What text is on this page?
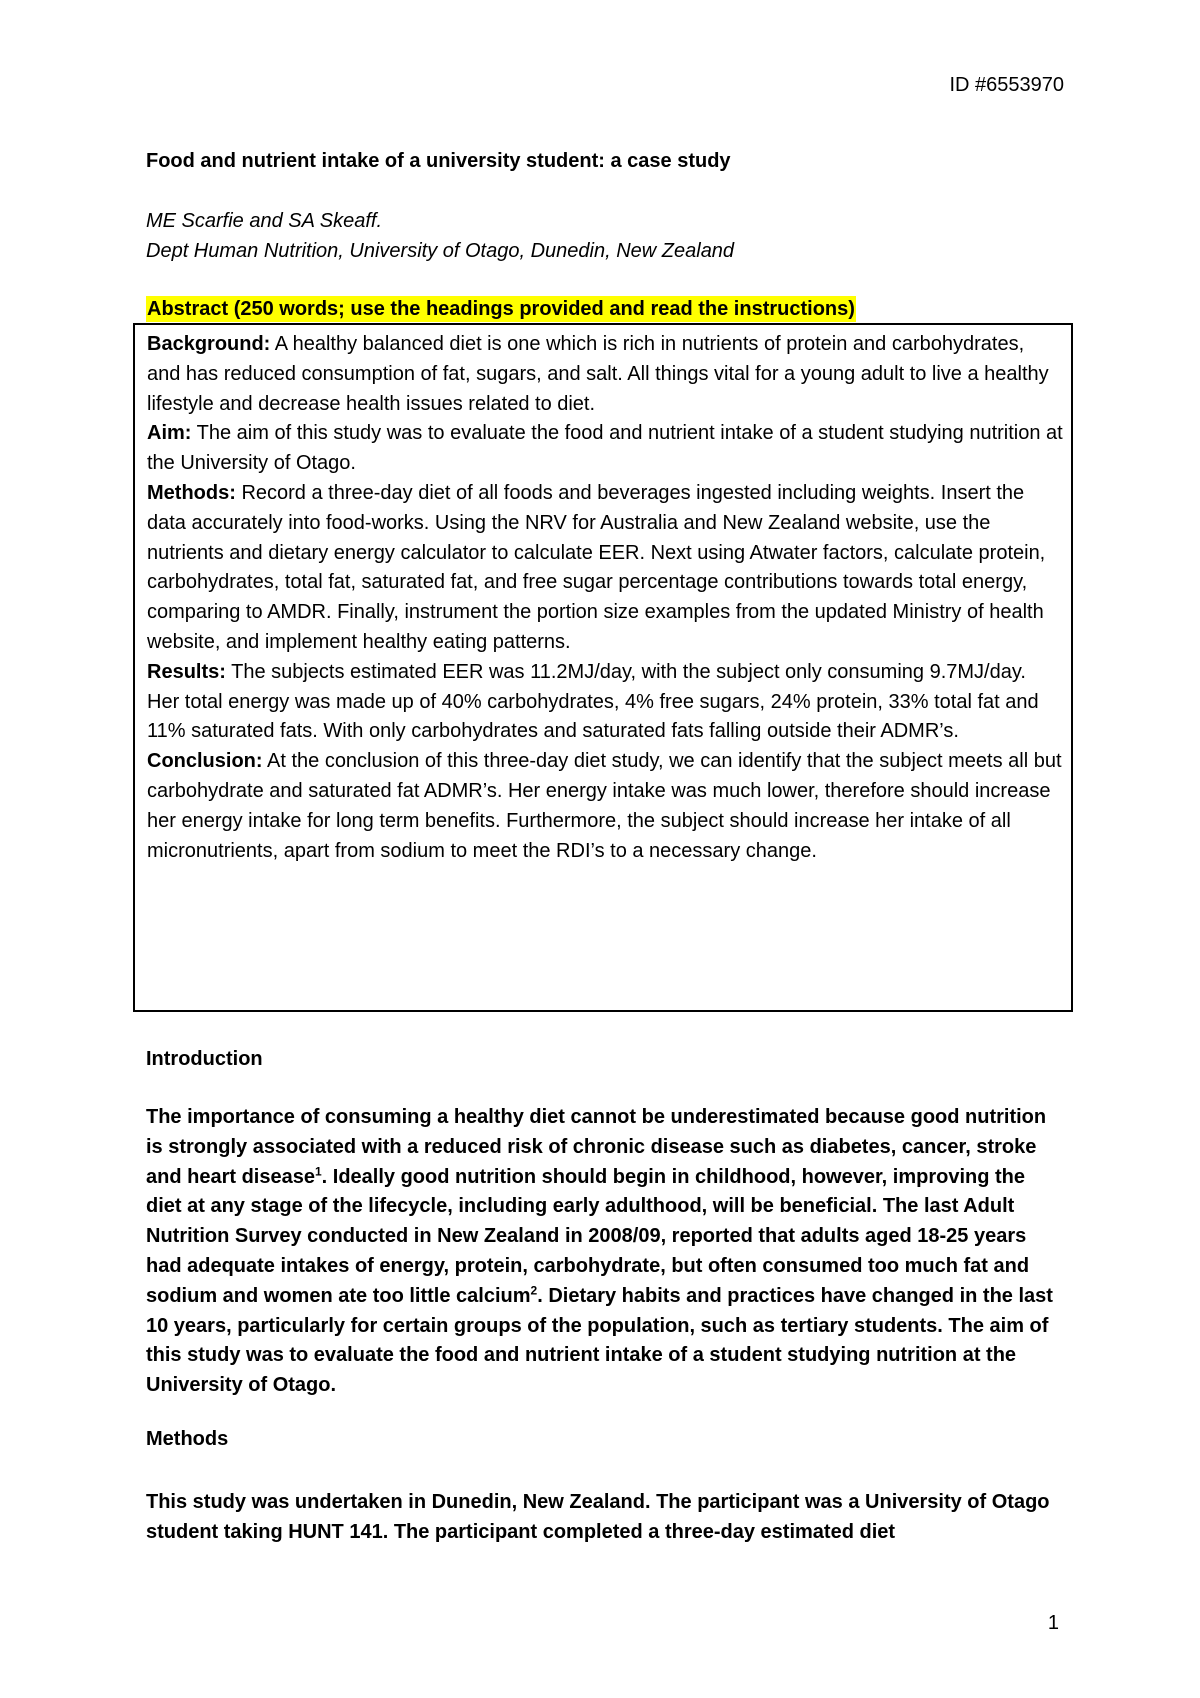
ID #6553970
Food and nutrient intake of a university student: a case study
ME Scarfie and SA Skeaff.
Dept Human Nutrition, University of Otago, Dunedin, New Zealand
Abstract (250 words; use the headings provided and read the instructions)

Background: A healthy balanced diet is one which is rich in nutrients of protein and carbohydrates, and has reduced consumption of fat, sugars, and salt. All things vital for a young adult to live a healthy lifestyle and decrease health issues related to diet.

Aim: The aim of this study was to evaluate the food and nutrient intake of a student studying nutrition at the University of Otago.

Methods: Record a three-day diet of all foods and beverages ingested including weights. Insert the data accurately into food-works. Using the NRV for Australia and New Zealand website, use the nutrients and dietary energy calculator to calculate EER. Next using Atwater factors, calculate protein, carbohydrates, total fat, saturated fat, and free sugar percentage contributions towards total energy, comparing to AMDR. Finally, instrument the portion size examples from the updated Ministry of health website, and implement healthy eating patterns.

Results: The subjects estimated EER was 11.2MJ/day, with the subject only consuming 9.7MJ/day. Her total energy was made up of 40% carbohydrates, 4% free sugars, 24% protein, 33% total fat and 11% saturated fats. With only carbohydrates and saturated fats falling outside their ADMR’s.

Conclusion: At the conclusion of this three-day diet study, we can identify that the subject meets all but carbohydrate and saturated fat ADMR’s. Her energy intake was much lower, therefore should increase her energy intake for long term benefits. Furthermore, the subject should increase her intake of all micronutrients, apart from sodium to meet the RDI’s to a necessary change.

Introduction

The importance of consuming a healthy diet cannot be underestimated because good nutrition is strongly associated with a reduced risk of chronic disease such as diabetes, cancer, stroke and heart disease$^1$. Ideally good nutrition should begin in childhood, however, improving the diet at any stage of the lifecycle, including early adulthood, will be beneficial. The last Adult Nutrition Survey conducted in New Zealand in 2008/09, reported that adults aged 18-25 years had adequate intakes of energy, protein, carbohydrate, but often consumed too much fat and sodium and women ate too little calcium$^2$. Dietary habits and practices have changed in the last 10 years, particularly for certain groups of the population, such as tertiary students. The aim of this study was to evaluate the food and nutrient intake of a student studying nutrition at the University of Otago.

Methods

This study was undertaken in Dunedin, New Zealand. The participant was a University of Otago student taking HUNT 141. The participant completed a three-day estimated diet

1
